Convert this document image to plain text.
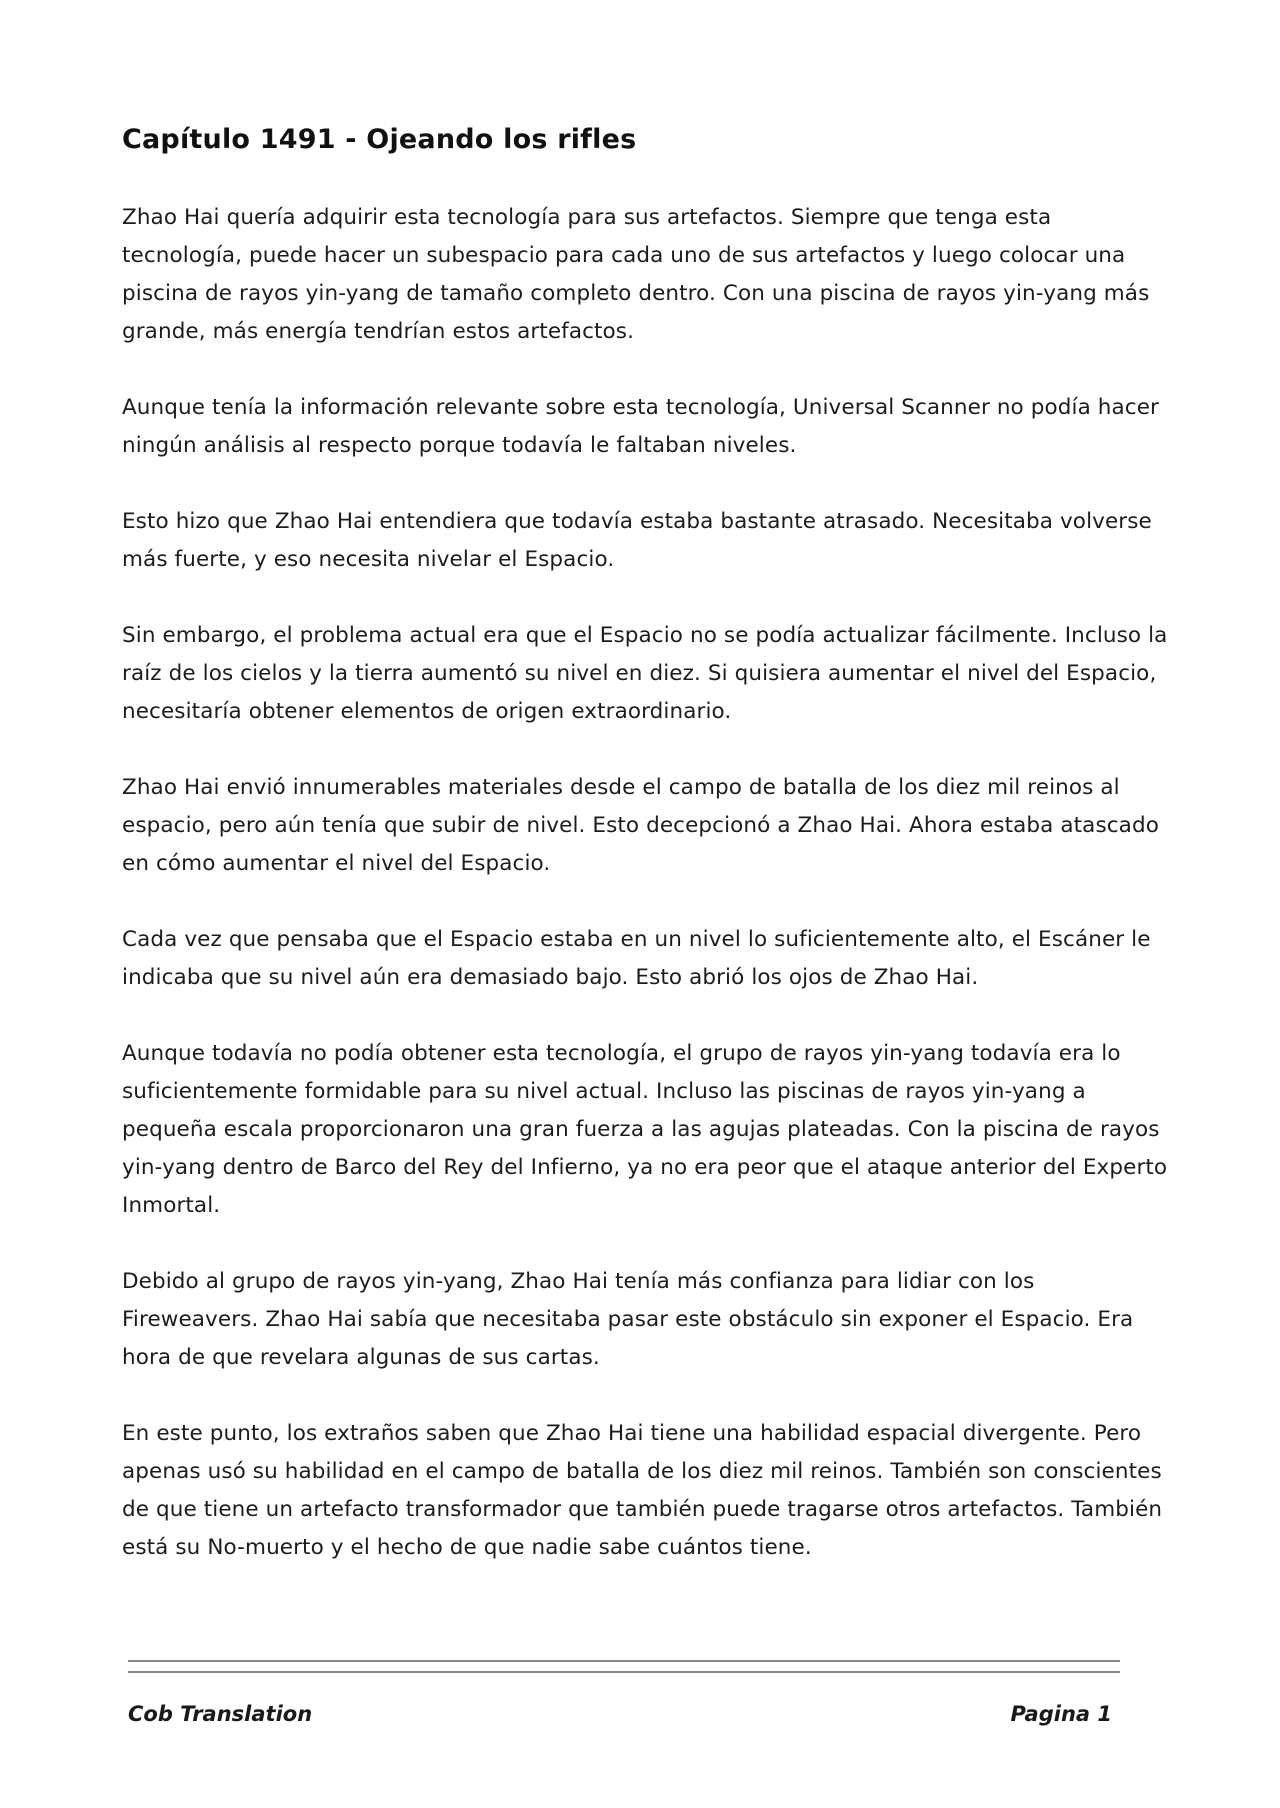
Capítulo 1491 - Ojeando los rifles

Zhao Hai quería adquirir esta tecnología para sus artefactos. Siempre que tenga esta tecnología, puede hacer un subespacio para cada uno de sus artefactos y luego colocar una piscina de rayos yin-yang de tamaño completo dentro. Con una piscina de rayos yin-yang más grande, más energía tendrían estos artefactos.

Aunque tenía la información relevante sobre esta tecnología, Universal Scanner no podía hacer ningún análisis al respecto porque todavía le faltaban niveles.

Esto hizo que Zhao Hai entendiera que todavía estaba bastante atrasado. Necesitaba volverse más fuerte, y eso necesita nivelar el Espacio.

Sin embargo, el problema actual era que el Espacio no se podía actualizar fácilmente. Incluso la raíz de los cielos y la tierra aumentó su nivel en diez. Si quisiera aumentar el nivel del Espacio, necesitaría obtener elementos de origen extraordinario.

Zhao Hai envió innumerables materiales desde el campo de batalla de los diez mil reinos al espacio, pero aún tenía que subir de nivel. Esto decepcionó a Zhao Hai. Ahora estaba atascado en cómo aumentar el nivel del Espacio.

Cada vez que pensaba que el Espacio estaba en un nivel lo suficientemente alto, el Escáner le indicaba que su nivel aún era demasiado bajo. Esto abrió los ojos de Zhao Hai.

Aunque todavía no podía obtener esta tecnología, el grupo de rayos yin-yang todavía era lo suficientemente formidable para su nivel actual. Incluso las piscinas de rayos yin-yang a pequeña escala proporcionaron una gran fuerza a las agujas plateadas. Con la piscina de rayos yin-yang dentro de Barco del Rey del Infierno, ya no era peor que el ataque anterior del Experto Inmortal.

Debido al grupo de rayos yin-yang, Zhao Hai tenía más confianza para lidiar con los Fireweavers. Zhao Hai sabía que necesitaba pasar este obstáculo sin exponer el Espacio. Era hora de que revelara algunas de sus cartas.

En este punto, los extraños saben que Zhao Hai tiene una habilidad espacial divergente. Pero apenas usó su habilidad en el campo de batalla de los diez mil reinos. También son conscientes de que tiene un artefacto transformador que también puede tragarse otros artefactos. También está su No-muerto y el hecho de que nadie sabe cuántos tiene.

Cob Translation	Pagina 1
